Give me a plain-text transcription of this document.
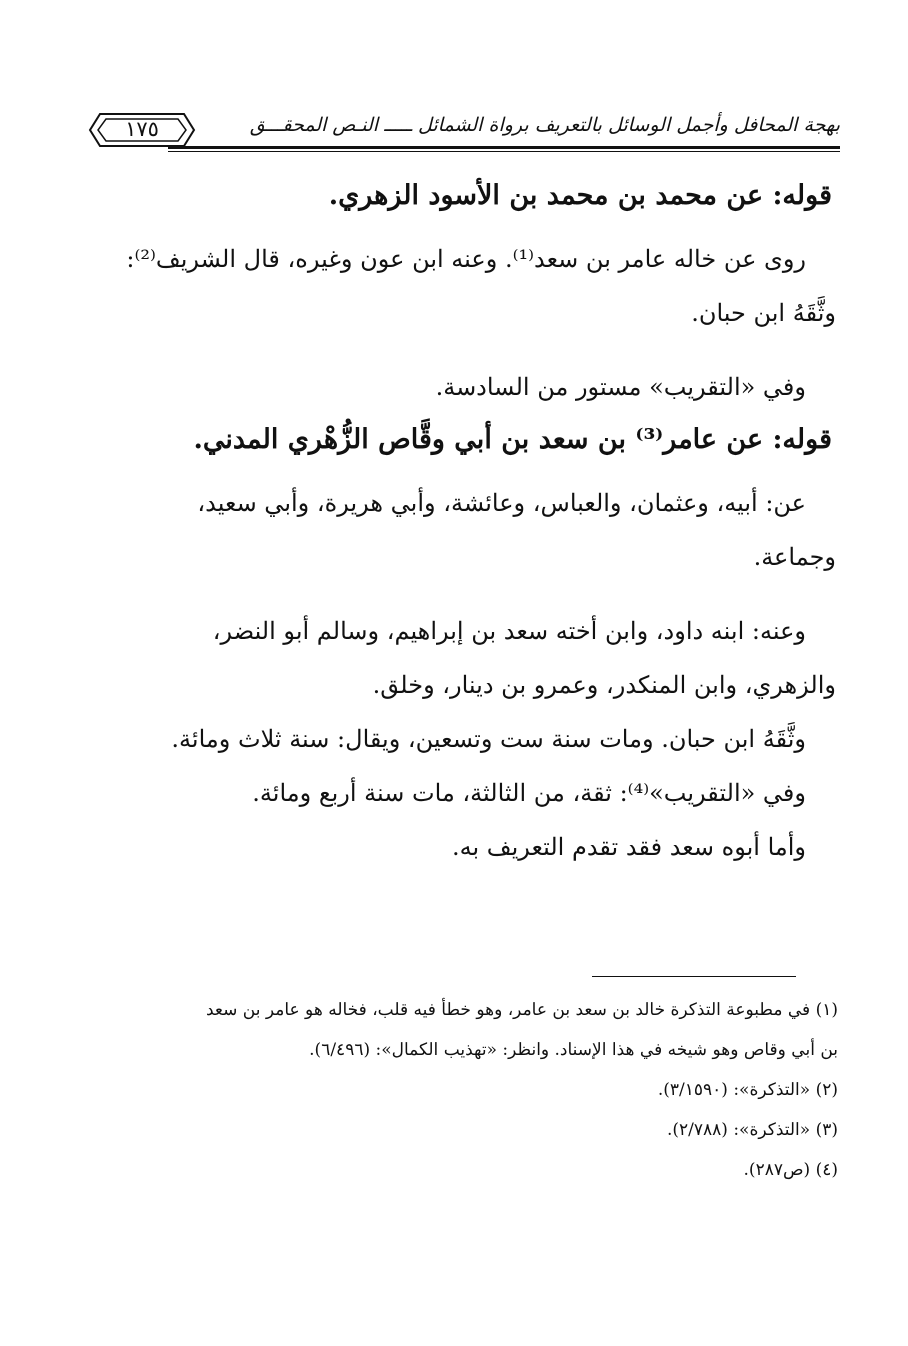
بهجة المحافل وأجمل الوسائل بالتعريف برواة الشمائل ـــــ النـص المحقـــق
١٧٥

قوله: عن محمد بن محمد بن الأسود الزهري.

روى عن خاله عامر بن سعد⁽¹⁾. وعنه ابن عون وغيره، قال الشريف⁽²⁾:

وثَّقَهُ ابن حبان.

وفي «التقريب» مستور من السادسة.

قوله: عن عامر⁽³⁾ بن سعد بن أبي وقَّاص الزُّهْري المدني.

عن: أبيه، وعثمان، والعباس، وعائشة، وأبي هريرة، وأبي سعيد،

وجماعة.

وعنه: ابنه داود، وابن أخته سعد بن إبراهيم، وسالم أبو النضر،

والزهري، وابن المنكدر، وعمرو بن دينار، وخلق.

وثَّقَهُ ابن حبان. ومات سنة ست وتسعين، ويقال: سنة ثلاث ومائة.

وفي «التقريب»⁽⁴⁾: ثقة، من الثالثة، مات سنة أربع ومائة.

وأما أبوه سعد فقد تقدم التعريف به.

(١) في مطبوعة التذكرة خالد بن سعد بن عامر، وهو خطأ فيه قلب، فخاله هو عامر بن سعد

بن أبي وقاص وهو شيخه في هذا الإسناد. وانظر: «تهذيب الكمال»: (٦/٤٩٦).

(٢) «التذكرة»: (٣/١٥٩٠).

(٣) «التذكرة»: (٢/٧٨٨).

(٤) (ص٢٨٧).
